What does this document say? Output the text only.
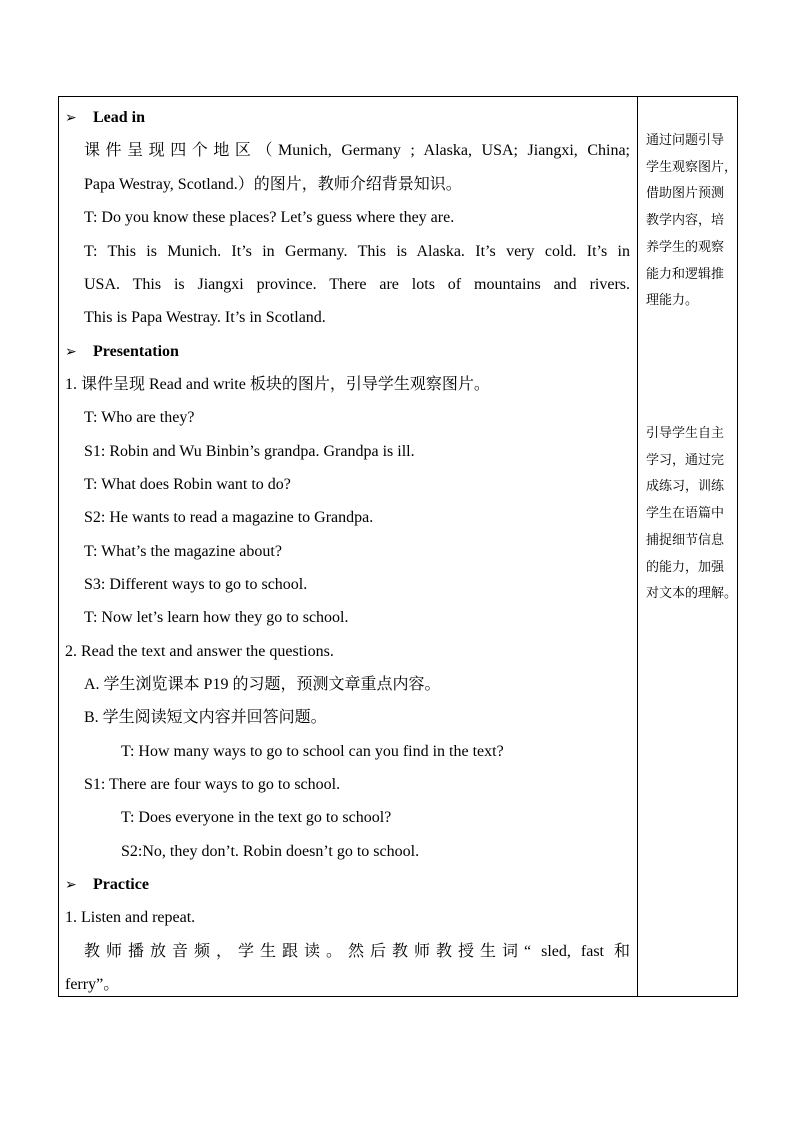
➢ Lead in
课件呈现四个地区（Munich, Germany ; Alaska, USA; Jiangxi, China;
Papa Westray, Scotland.）的图片，教师介绍背景知识。
T: Do you know these places? Let’s guess where they are.
T: This is Munich. It’s in Germany. This is Alaska. It’s very cold. It’s in
USA. This is Jiangxi province. There are lots of mountains and rivers.
This is Papa Westray. It’s in Scotland.
➢ Presentation
1. 课件呈现 Read and write 板块的图片，引导学生观察图片。
T: Who are they?
S1: Robin and Wu Binbin’s grandpa. Grandpa is ill.
T: What does Robin want to do?
S2: He wants to read a magazine to Grandpa.
T: What’s the magazine about?
S3: Different ways to go to school.
T: Now let’s learn how they go to school.
2. Read the text and answer the questions.
A. 学生浏览课本 P19 的习题，预测文章重点内容。
B. 学生阅读短文内容并回答问题。
T: How many ways to go to school can you find in the text?
S1: There are four ways to go to school.
T: Does everyone in the text go to school?
S2:No, they don’t. Robin doesn’t go to school.
➢ Practice
1. Listen and repeat.
教师播放音频，学生跟读。然后教师教授生词“ sled, fast 和
ferry”。
通过问题引导
学生观察图片，
借助图片预测
教学内容，培
养学生的观察
能力和逻辑推
理能力。
引导学生自主
学习，通过完
成练习，训练
学生在语篇中
捕捉细节信息
的能力，加强
对文本的理解。
